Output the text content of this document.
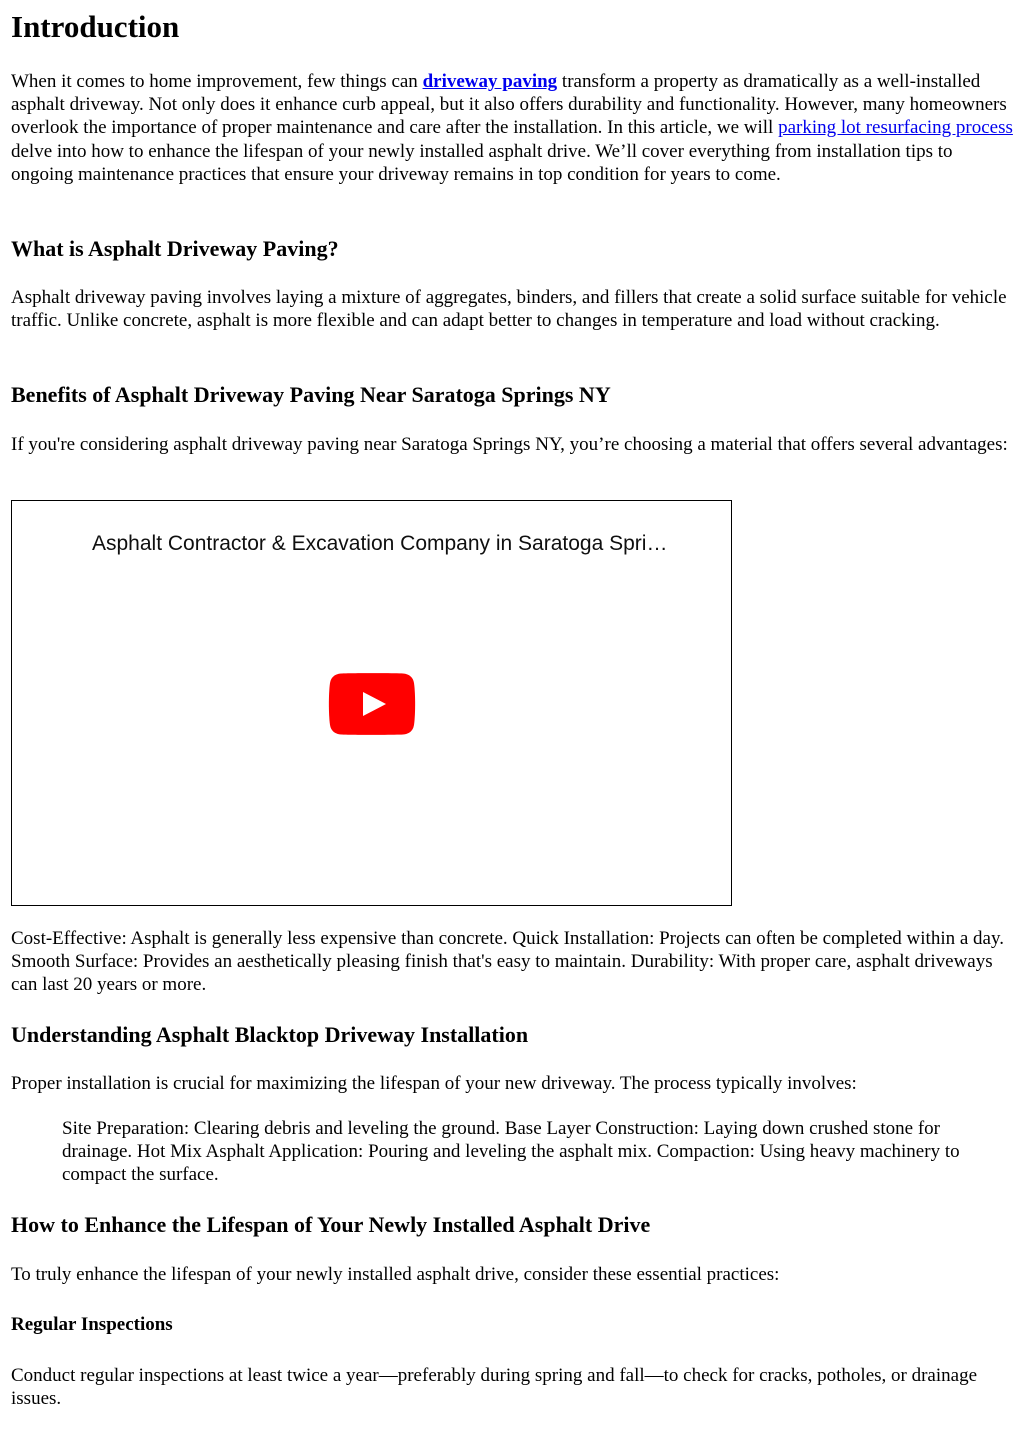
Introduction

When it comes to home improvement, few things can driveway paving transform a property as dramatically as a well-installed asphalt driveway. Not only does it enhance curb appeal, but it also offers durability and functionality. However, many homeowners overlook the importance of proper maintenance and care after the installation. In this article, we will parking lot resurfacing process delve into how to enhance the lifespan of your newly installed asphalt drive. We’ll cover everything from installation tips to ongoing maintenance practices that ensure your driveway remains in top condition for years to come.

What is Asphalt Driveway Paving?

Asphalt driveway paving involves laying a mixture of aggregates, binders, and fillers that create a solid surface suitable for vehicle traffic. Unlike concrete, asphalt is more flexible and can adapt better to changes in temperature and load without cracking.

Benefits of Asphalt Driveway Paving Near Saratoga Springs NY

If you're considering asphalt driveway paving near Saratoga Springs NY, you’re choosing a material that offers several advantages:

Asphalt Contractor & Excavation Company in Saratoga Spri…

Cost-Effective: Asphalt is generally less expensive than concrete. Quick Installation: Projects can often be completed within a day. Smooth Surface: Provides an aesthetically pleasing finish that's easy to maintain. Durability: With proper care, asphalt driveways can last 20 years or more.

Understanding Asphalt Blacktop Driveway Installation

Proper installation is crucial for maximizing the lifespan of your new driveway. The process typically involves:

Site Preparation: Clearing debris and leveling the ground. Base Layer Construction: Laying down crushed stone for drainage. Hot Mix Asphalt Application: Pouring and leveling the asphalt mix. Compaction: Using heavy machinery to compact the surface.
How to Enhance the Lifespan of Your Newly Installed Asphalt Drive

To truly enhance the lifespan of your newly installed asphalt drive, consider these essential practices:

Regular Inspections

Conduct regular inspections at least twice a year—preferably during spring and fall—to check for cracks, potholes, or drainage issues.
